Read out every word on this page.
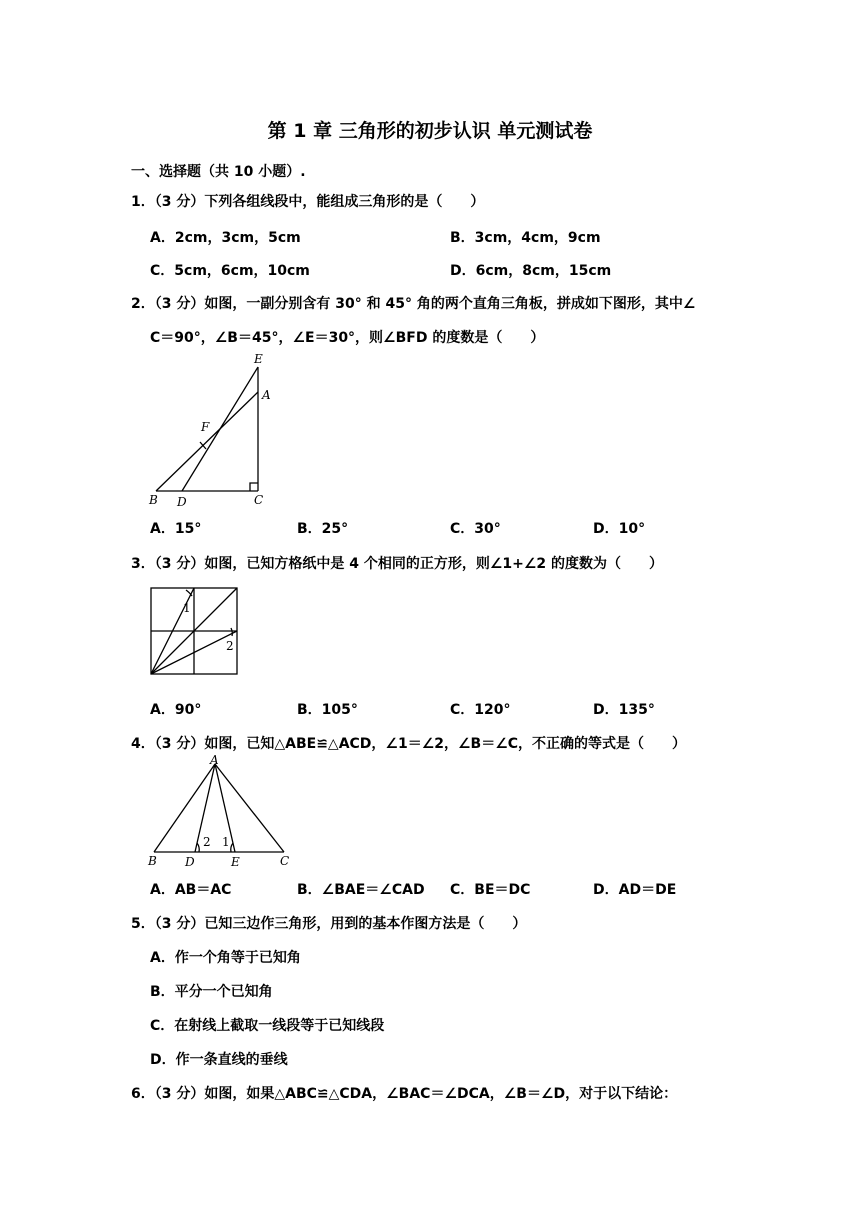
第 1 章 三角形的初步认识 单元测试卷
一、选择题（共 10 小题）.
1．（3 分）下列各组线段中，能组成三角形的是（　　）
A．2cm，3cm，5cm	B．3cm，4cm，9cm
C．5cm，6cm，10cm	D．6cm，8cm，15cm
2．（3 分）如图，一副分别含有 30° 和 45° 角的两个直角三角板，拼成如下图形，其中∠
C＝90°，∠B＝45°，∠E＝30°，则∠BFD 的度数是（　　）
E
A
F
B D	C
A．15°	B．25°	C．30°	D．10°
3．（3 分）如图，已知方格纸中是 4 个相同的正方形，则∠1+∠2 的度数为（　　）
1
2
A．90°	B．105°	C．120°	D．135°
4．（3 分）如图，已知△ABE≌△ACD，∠1＝∠2，∠B＝∠C，不正确的等式是（　　）
A
B D	E	C
2 1
A．AB＝AC	B．∠BAE＝∠CAD C．BE＝DC	D．AD＝DE
5．（3 分）已知三边作三角形，用到的基本作图方法是（　　）
A．作一个角等于已知角
B．平分一个已知角
C．在射线上截取一线段等于已知线段
D．作一条直线的垂线
6．（3 分）如图，如果△ABC≌△CDA，∠BAC＝∠DCA，∠B＝∠D，对于以下结论：
